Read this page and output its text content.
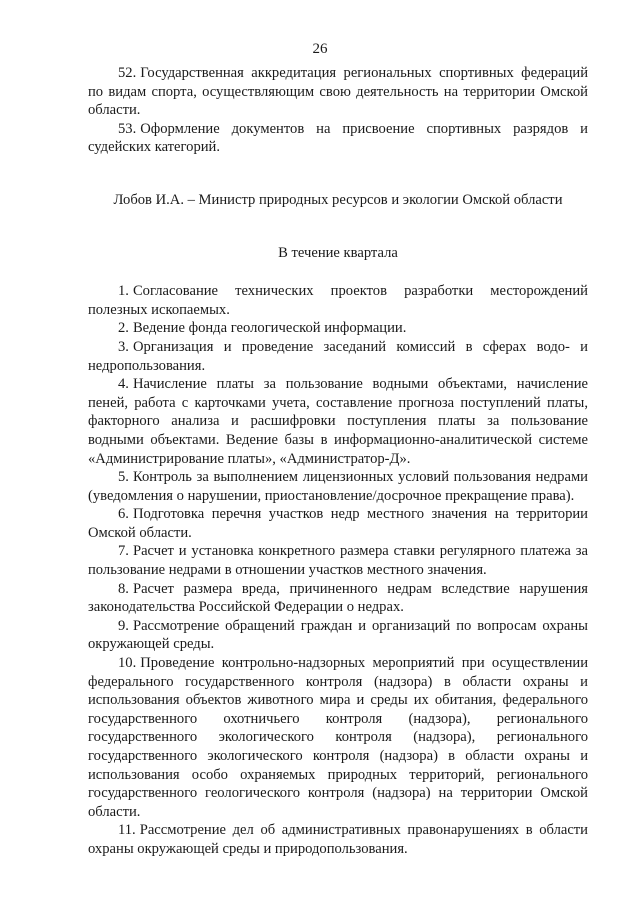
26

52. Государственная аккредитация региональных спортивных федераций по видам спорта, осуществляющим свою деятельность на территории Омской области.

53. Оформление документов на присвоение спортивных разрядов и судейских категорий.

Лобов И.А. – Министр природных ресурсов и экологии Омской области

В течение квартала

1. Согласование технических проектов разработки месторождений полезных ископаемых.

2. Ведение фонда геологической информации.

3. Организация и проведение заседаний комиссий в сферах водо- и недропользования.

4. Начисление платы за пользование водными объектами, начисление пеней, работа с карточками учета, составление прогноза поступлений платы, факторного анализа и расшифровки поступления платы за пользование водными объектами. Ведение базы в информационно-аналитической системе «Администрирование платы», «Администратор-Д».

5. Контроль за выполнением лицензионных условий пользования недрами (уведомления о нарушении, приостановление/досрочное прекращение права).

6. Подготовка перечня участков недр местного значения на территории Омской области.

7. Расчет и установка конкретного размера ставки регулярного платежа за пользование недрами в отношении участков местного значения.

8. Расчет размера вреда, причиненного недрам вследствие нарушения законодательства Российской Федерации о недрах.

9. Рассмотрение обращений граждан и организаций по вопросам охраны окружающей среды.

10. Проведение контрольно-надзорных мероприятий при осуществлении федерального государственного контроля (надзора) в области охраны и использования объектов животного мира и среды их обитания, федерального государственного охотничьего контроля (надзора), регионального государственного экологического контроля (надзора), регионального государственного экологического контроля (надзора) в области охраны и использования особо охраняемых природных территорий, регионального государственного геологического контроля (надзора) на территории Омской области.

11. Рассмотрение дел об административных правонарушениях в области охраны окружающей среды и природопользования.
